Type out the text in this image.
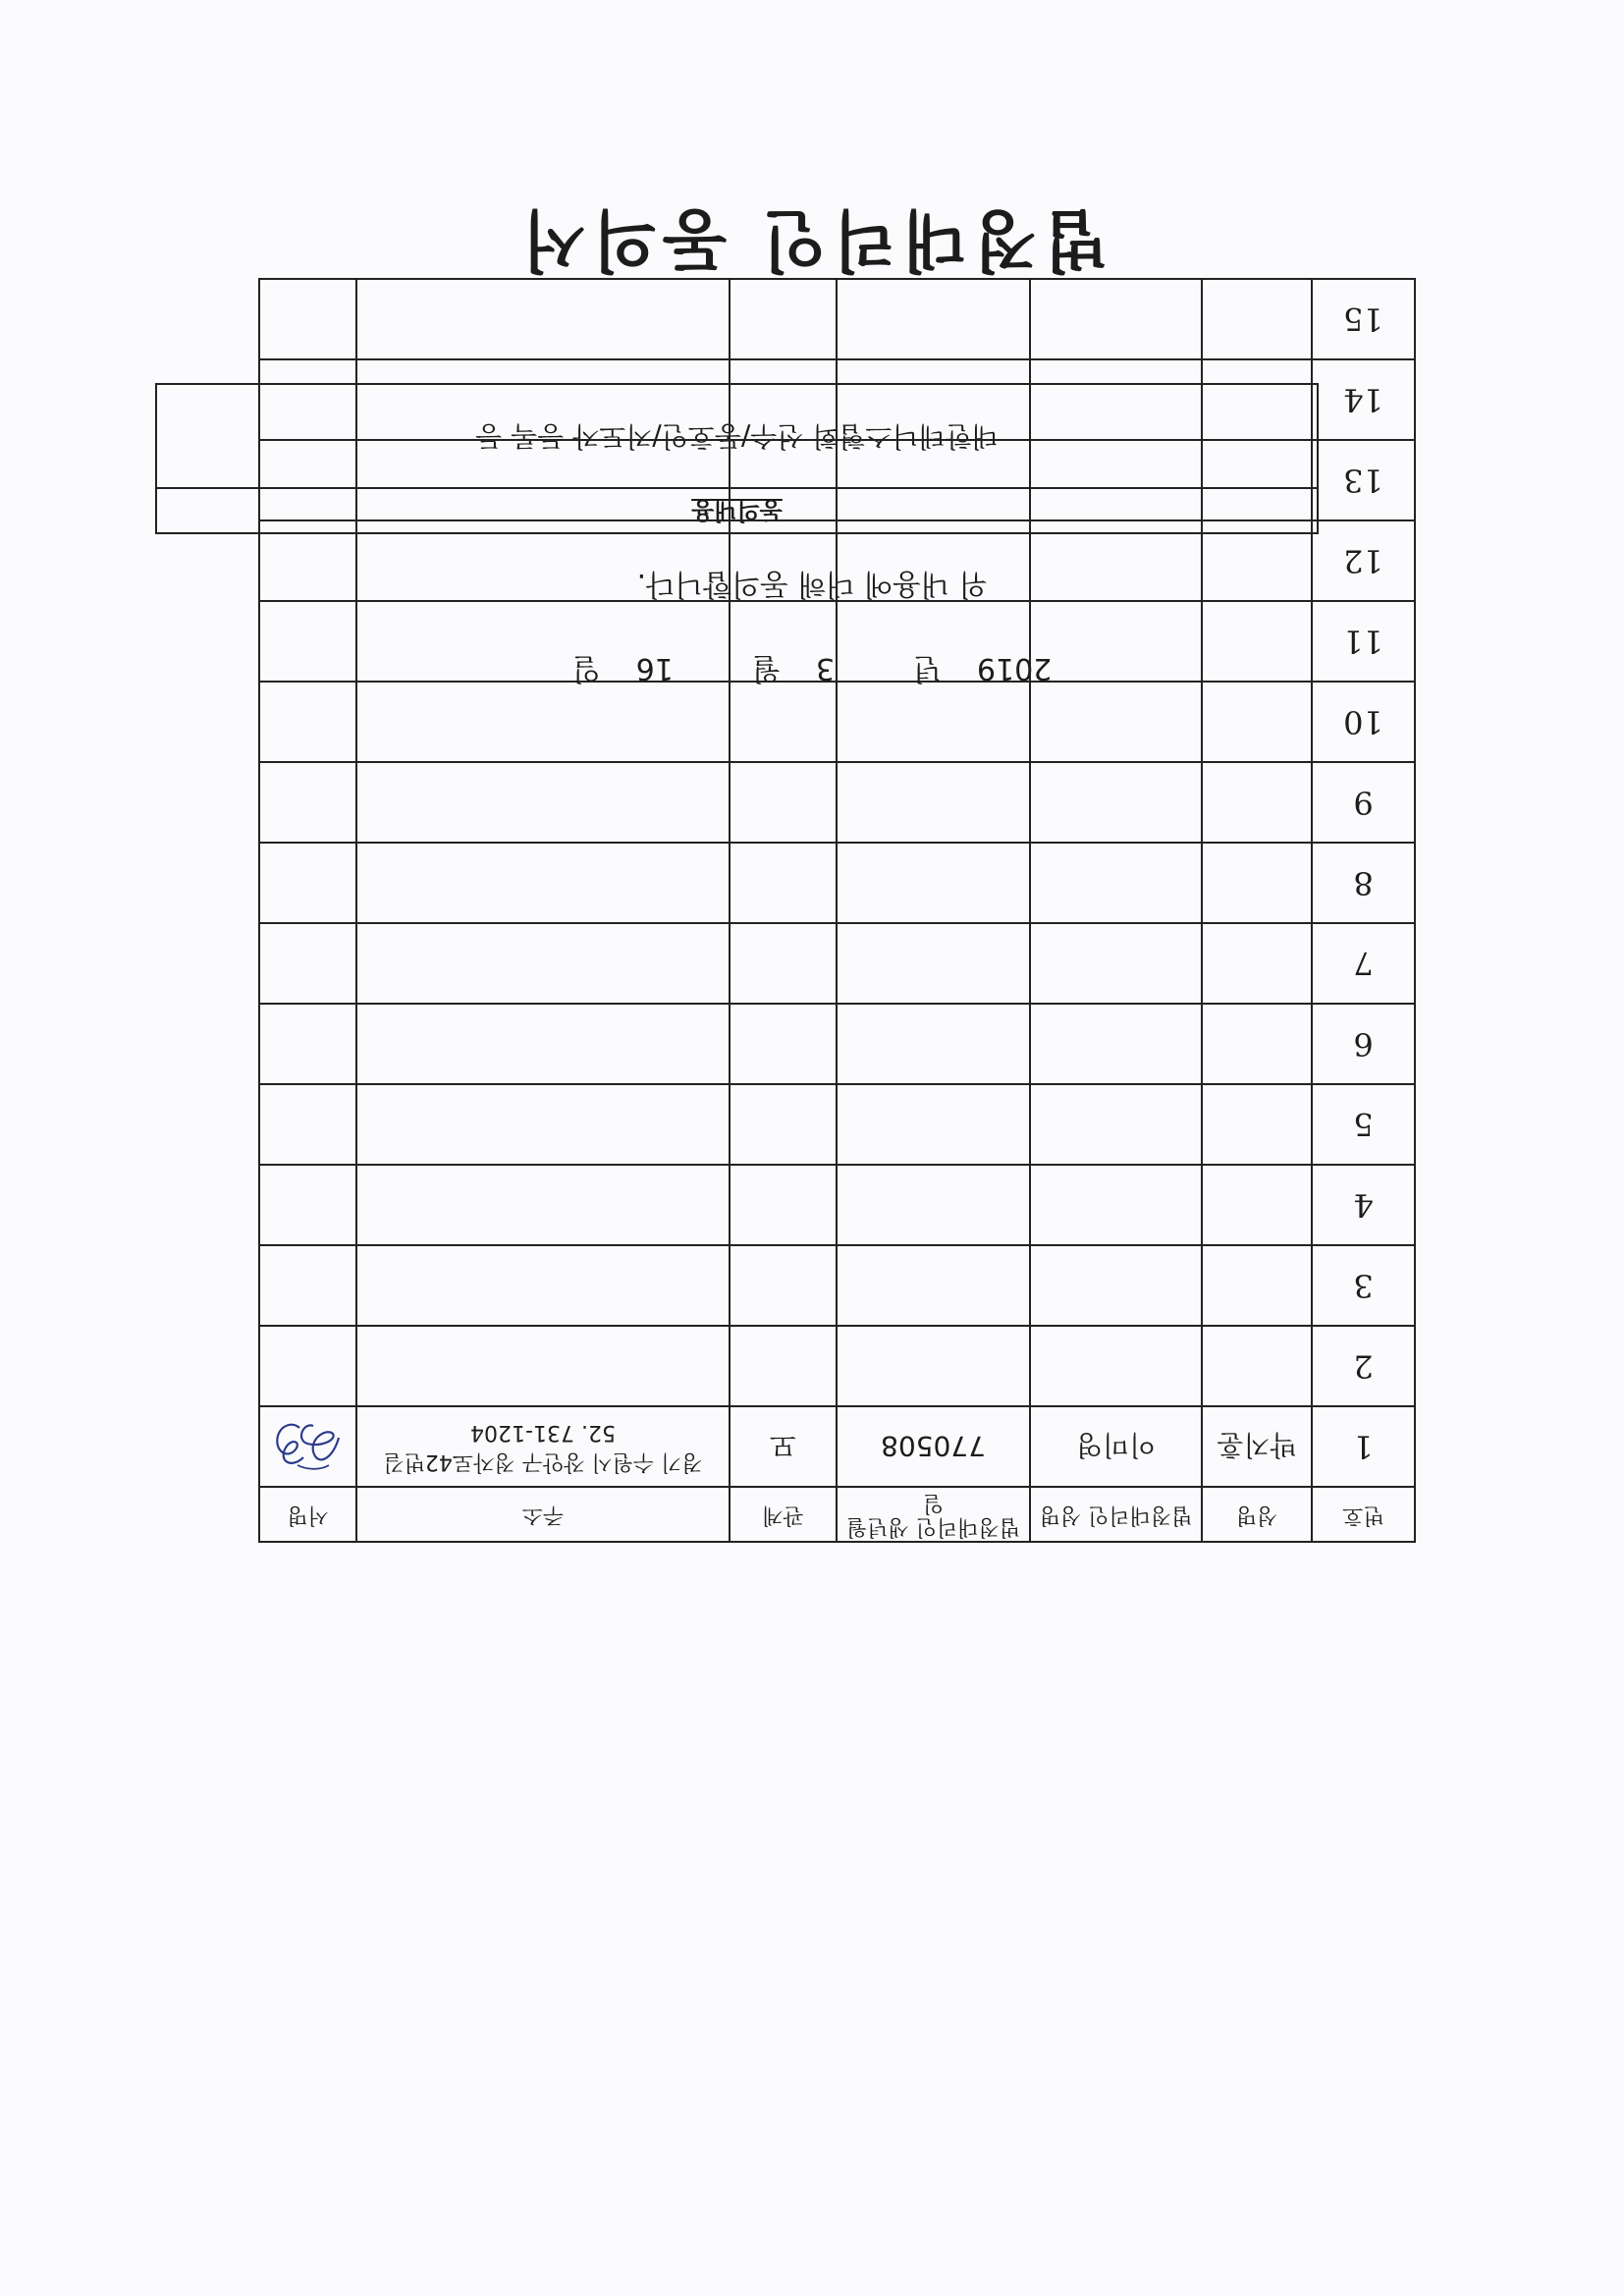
법정대리인 동의서
동의내용
대한테니스협회 선수/동호인/지도자 등록 등
위 내용에 대해 동의합니다.
2019년3월16일
번호	성명	법정대리인 성명	법정대리인 생년월일	관계	주소	서명
1	박지훈	이미영	770508	모	경기 수원시 장안구 정자로42번길
52. 731-1204

2						
3						
4						
5						
6						
7						
8						
9						
10						
11						
12						
13						
14						
15						
